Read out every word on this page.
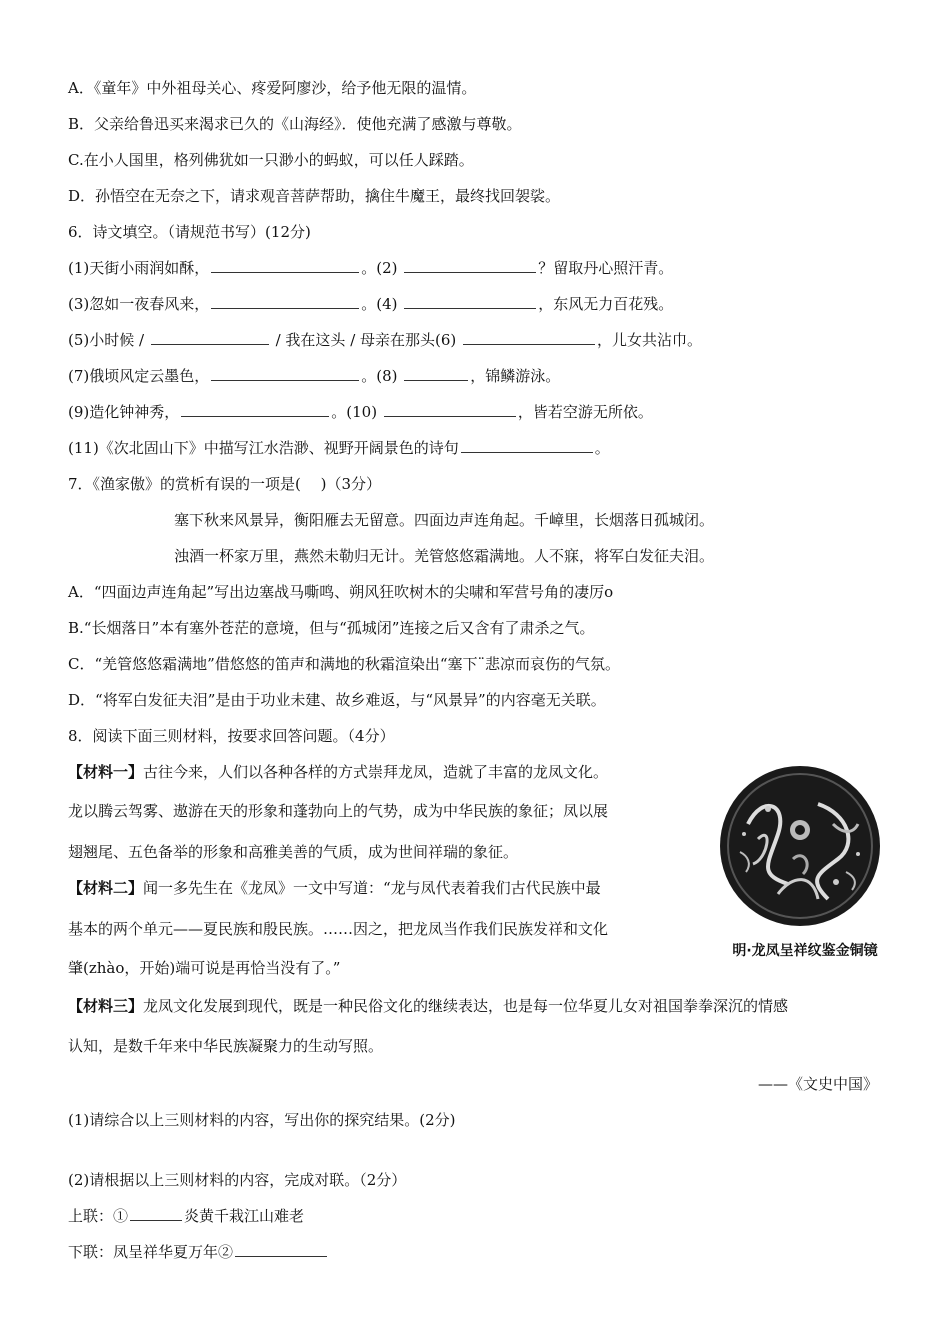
A．《童年》中外祖母关心、疼爱阿廖沙，给予他无限的温情。
B．父亲给鲁迅买来渴求已久的《山海经》．使他充满了感激与尊敬。
C.在小人国里，格列佛犹如一只渺小的蚂蚁，可以任人踩踏。
D．孙悟空在无奈之下，请求观音菩萨帮助，擒住牛魔王，最终找回袈裟。
6．诗文填空。（请规范书写）(12分)
(1)天街小雨润如酥，	。(2)	？留取丹心照汗青。
(3)忽如一夜春风来，	。(4)	，东风无力百花残。
(5)小时候 /	/ 我在这头 / 母亲在那头(6)	，儿女共沾巾。
(7)俄顷风定云墨色，	。(8)	，锦鳞游泳。
(9)造化钟神秀，	。(10)	，皆若空游无所依。
(11)《次北固山下》中描写江水浩渺、视野开阔景色的诗句	。
7．《渔家傲》的赏析有误的一项是(　 )（3分）
塞下秋来风景异，衡阳雁去无留意。四面边声连角起。千嶂里，长烟落日孤城闭。
浊酒一杯家万里，燕然未勒归无计。羌管悠悠霜满地。人不寐，将军白发征夫泪。
A．“四面边声连角起”写出边塞战马嘶鸣、朔风狂吹树木的尖啸和军营号角的凄厉o
B.“长烟落日”本有塞外苍茫的意境，但与“孤城闭”连接之后又含有了肃杀之气。
C．“羌管悠悠霜满地”借悠悠的笛声和满地的秋霜渲染出“塞下¨悲凉而哀伤的气氛。
D．“将军白发征夫泪”是由于功业未建、故乡难返，与“风景异”的内容毫无关联。
8．阅读下面三则材料，按要求回答问题。（4分）
【材料一】古往今来，人们以各种各样的方式崇拜龙凤，造就了丰富的龙凤文化。
龙以腾云驾雾、遨游在天的形象和蓬勃向上的气势，成为中华民族的象征；凤以展
翅翘尾、五色备举的形象和高雅美善的气质，成为世间祥瑞的象征。
【材料二】闻一多先生在《龙凤》一文中写道：“龙与凤代表着我们古代民族中最
基本的两个单元——夏民族和殷民族。……因之，把龙凤当作我们民族发祥和文化
肇(zhào，开始)端可说是再恰当没有了。”
【材料三】龙凤文化发展到现代，既是一种民俗文化的继续表达，也是每一位华夏儿女对祖国拳拳深沉的情感
认知，是数千年来中华民族凝聚力的生动写照。
——《文史中国》
明·龙凤呈祥纹鉴金铜镜
(1)请综合以上三则材料的内容，写出你的探究结果。(2分)
(2)请根据以上三则材料的内容，完成对联。（2分）
上联：①	炎黄千栽江山难老
下联：凤呈祥华夏万年②
